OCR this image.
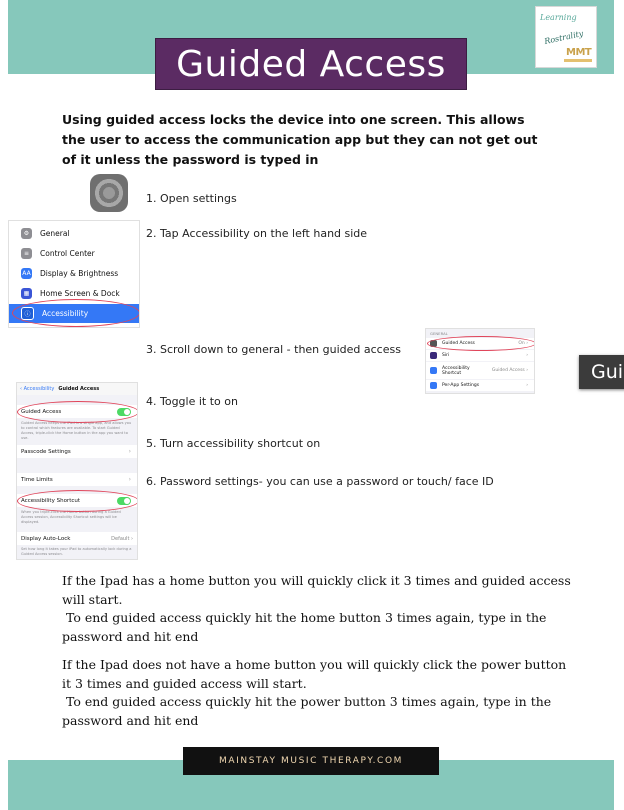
Guided Access
Learning
Rostrality
MMT
Using guided access locks the device into one screen. This allows the user to access the communication app but they can not get out of it unless the password is typed in
1. Open settings
⚙	General
≡	Control Center
AA Display & Brightness
▦	Home Screen & Dock
ⓘ	Accessibility
2. Tap Accessibility on the left hand side
3. Scroll down to general - then guided access
GENERAL
Guided Access	On ›
Siri	›
Accessibility Shortcut	Guided Access ›
Per-App Settings	›
‹ Accessibility Guided Access
Guided Access
Guided Access keeps the iPad in a single app, and allows you to control which features are available. To start Guided Access, triple-click the Home button in the app you want to use.
Passcode Settings	›
Time Limits	›
Accessibility Shortcut
When you triple-click the Home button during a Guided Access session, Accessibility Shortcut settings will be displayed.
Display Auto-Lock	Default ›
Set how long it takes your iPad to automatically lock during a Guided Access session.
4. Toggle it to on
5. Turn accessibility shortcut on
6. Password settings- you can use a password or touch/ face ID
If the Ipad has a home button you will quickly click it 3 times and guided access will start.
To end guided access quickly hit the home button 3 times again, type in the password and hit end
If the Ipad does not have a home button you will quickly click the power button it 3 times and guided access will start.
To end guided access quickly hit the power button 3 times again, type in the password and hit end
MAINSTAY MUSIC THERAPY.COM
Gui
